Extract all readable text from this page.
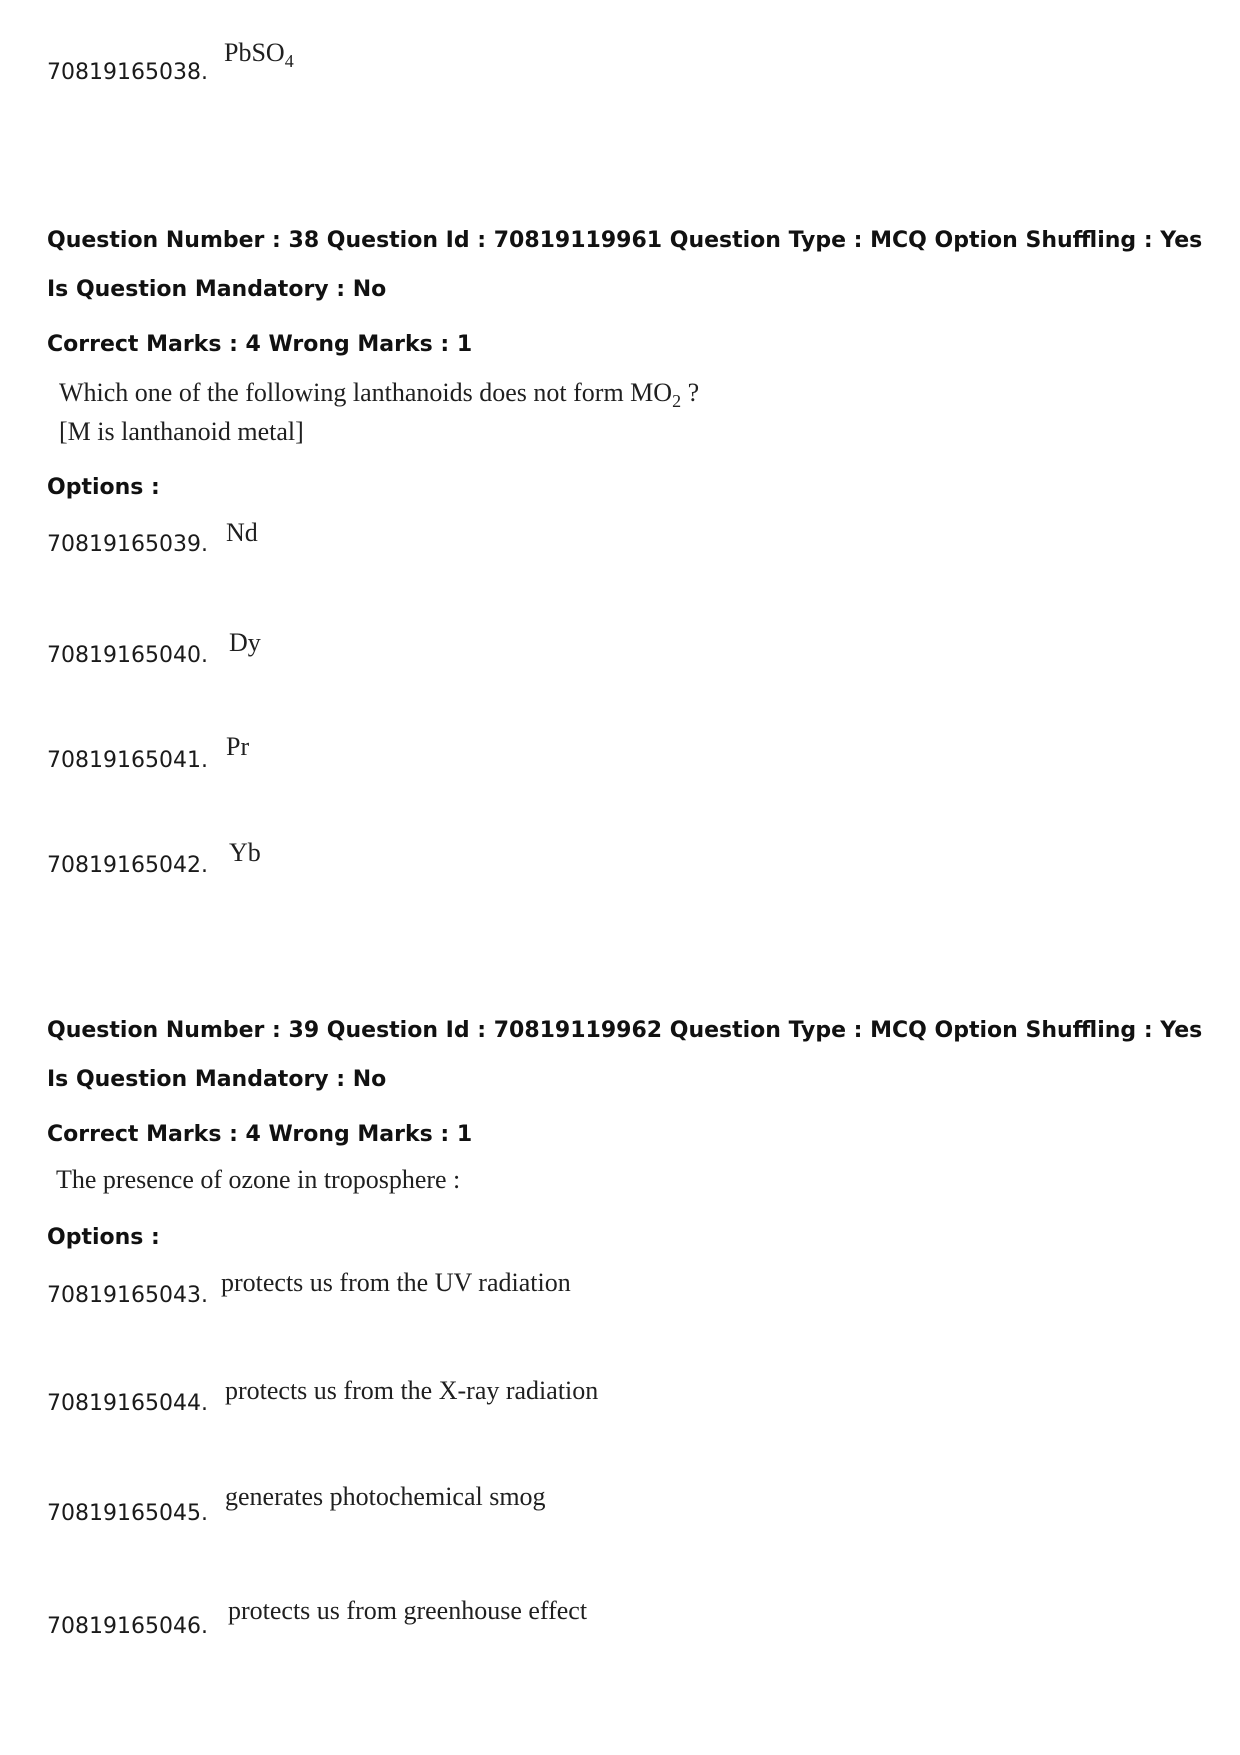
70819165038.
PbSO$_4$
Question Number : 38 Question Id : 70819119961 Question Type : MCQ Option Shuffling : Yes
Is Question Mandatory : No
Correct Marks : 4 Wrong Marks : 1
Which one of the following lanthanoids does not form $MO_2$ ?
[M is lanthanoid metal]
Options :
70819165039. Nd
70819165040. Dy
70819165041. Pr
70819165042. Yb
Question Number : 39 Question Id : 70819119962 Question Type : MCQ Option Shuffling : Yes
Is Question Mandatory : No
Correct Marks : 4 Wrong Marks : 1
The presence of ozone in troposphere :
Options :
70819165043. protects us from the UV radiation
70819165044. protects us from the X-ray radiation
70819165045.
generates photochemical smog
70819165046.
protects us from greenhouse effect
